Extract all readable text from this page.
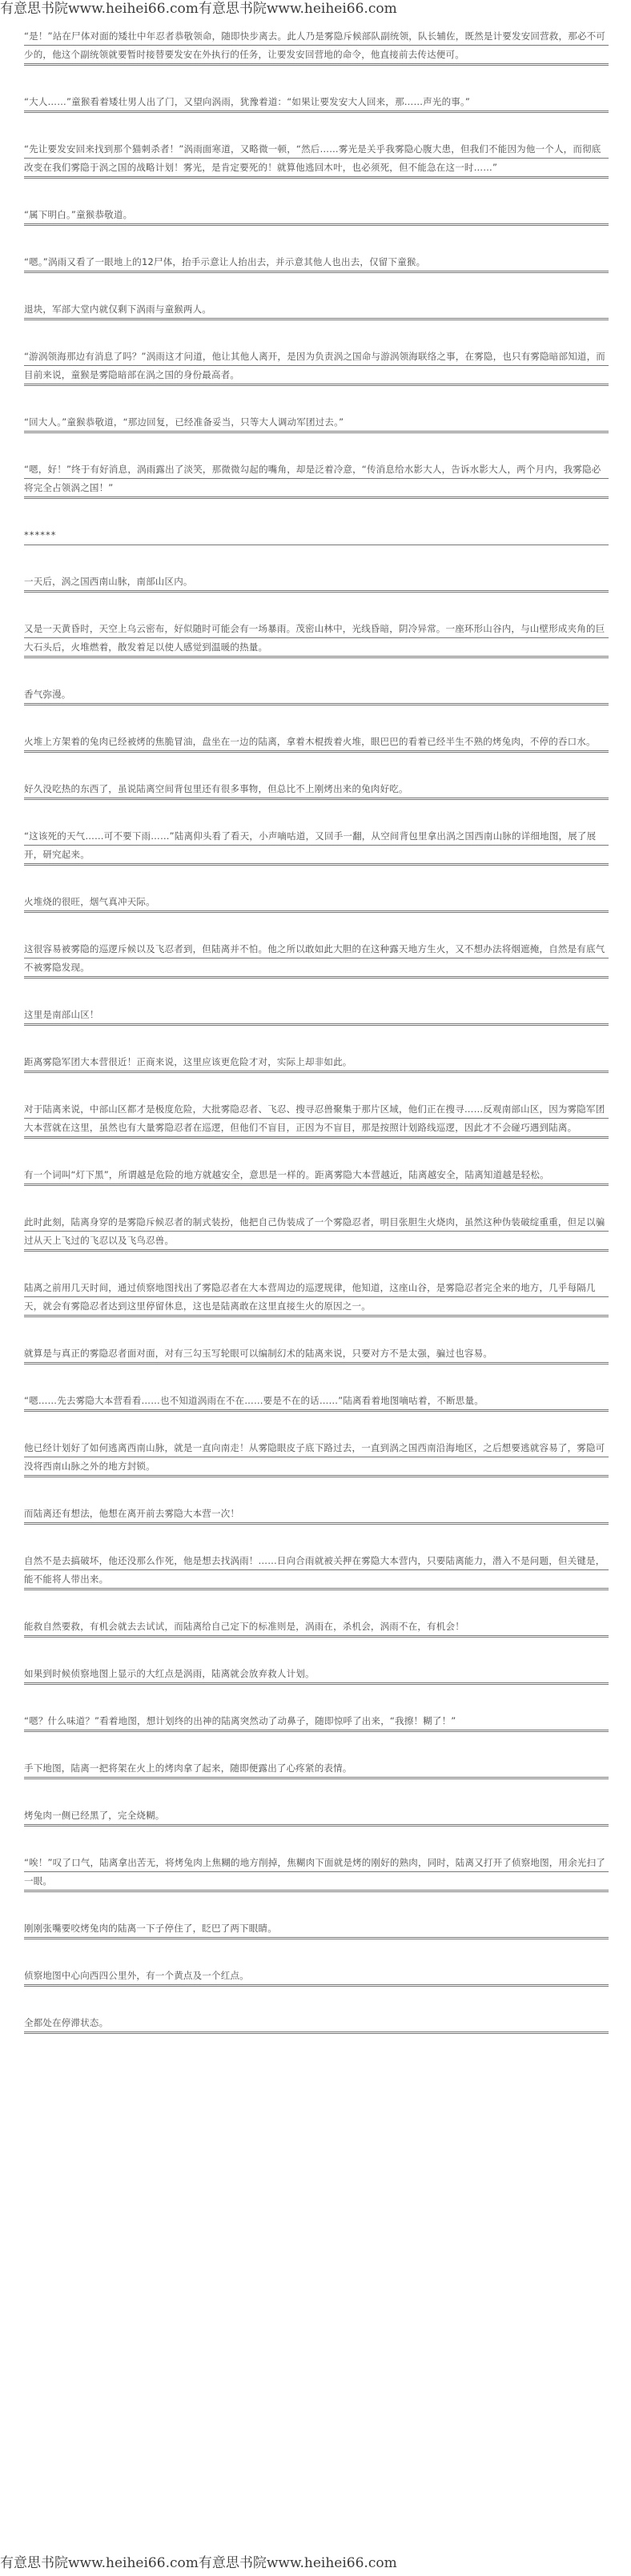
有意思书院www.heihei66.com有意思书院www.heihei66.com

“是！”站在尸体对面的矮壮中年忍者恭敬领命，随即快步离去。此人乃是雾隐斥候部队副统领，队长辅佐，既然是计要发安回营救，那必不可少的，他这个副统领就要暂时接替要发安在外执行的任务，让要发安回营地的命令，他直接前去传达便可。

“大人……”童猴看着矮壮男人出了门，又望向涡雨，犹豫着道：“如果让要发安大人回来，那……声光的事。”

“先让要发安回来找到那个猫刺杀者！”涡雨面寒道，又略微一顿，“然后……雾光是关乎我雾隐心腹大患，但我们不能因为他一个人，而彻底改变在我们雾隐于涡之国的战略计划！雾光，是肯定要死的！就算他逃回木叶，也必须死，但不能急在这一时……”

“属下明白。”童猴恭敬道。

“嗯。”涡雨又看了一眼地上的12尸体，抬手示意让人抬出去，并示意其他人也出去，仅留下童猴。

退块，军部大堂内就仅剩下涡雨与童猴两人。

“游涡领海那边有消息了吗？”涡雨这才问道，他让其他人离开，是因为负责涡之国命与游涡领海联络之事，在雾隐，也只有雾隐暗部知道，而目前来说，童猴是雾隐暗部在涡之国的身份最高者。

“回大人。”童猴恭敬道，“那边回复，已经准备妥当，只等大人调动军团过去。”

“嗯，好！”终于有好消息，涡雨露出了淡笑，那微微勾起的嘴角，却是泛着冷意，“传消息给水影大人，告诉水影大人，两个月内，我雾隐必将完全占领涡之国！”

******

一天后，涡之国西南山脉，南部山区内。

又是一天黄昏时，天空上乌云密布，好似随时可能会有一场暴雨。茂密山林中，光线昏暗，阴冷异常。一座环形山谷内，与山壁形成夹角的巨大石头后，火堆燃着，散发着足以使人感觉到温暖的热量。

香气弥漫。

火堆上方架着的兔肉已经被烤的焦脆冒油，盘坐在一边的陆离，拿着木棍拨着火堆，眼巴巴的看着已经半生不熟的烤兔肉，不停的吞口水。

好久没吃热的东西了，虽说陆离空间背包里还有很多事物，但总比不上刚烤出来的兔肉好吃。

“这该死的天气……可不要下雨……”陆离仰头看了看天，小声嘀咕道，又回手一翻，从空间背包里拿出涡之国西南山脉的详细地图，展了展开，研究起来。

火堆烧的很旺，烟气真冲天际。

这很容易被雾隐的巡逻斥候以及飞忍者到，但陆离并不怕。他之所以敢如此大胆的在这种露天地方生火，又不想办法将烟遮掩，自然是有底气不被雾隐发现。

这里是南部山区！

距离雾隐军团大本营很近！正商来说，这里应该更危险才对，实际上却非如此。

对于陆离来说，中部山区都才是极度危险，大批雾隐忍者、飞忍、搜寻忍兽聚集于那片区域，他们正在搜寻……反观南部山区，因为雾隐军团大本营就在这里，虽然也有大量雾隐忍者在巡逻，但他们不盲目，正因为不盲目，那是按照计划路线巡逻，因此才不会碰巧遇到陆离。

有一个词叫“灯下黑”，所谓越是危险的地方就越安全，意思是一样的。距离雾隐大本营越近，陆离越安全，陆离知道越是轻松。

此时此刻，陆离身穿的是雾隐斥候忍者的制式装扮，他把自己伪装成了一个雾隐忍者，明目张胆生火烧肉，虽然这种伪装破绽重重，但足以骗过从天上飞过的飞忍以及飞鸟忍兽。

陆离之前用几天时间，通过侦察地图找出了雾隐忍者在大本营周边的巡逻规律，他知道，这座山谷，是雾隐忍者完全来的地方，几乎每隔几天，就会有雾隐忍者达到这里停留休息，这也是陆离敢在这里直接生火的原因之一。

就算是与真正的雾隐忍者面对面，对有三勾玉写轮眼可以编制幻术的陆离来说，只要对方不是太强，骗过也容易。

“嗯……先去雾隐大本营看看……也不知道涡雨在不在……要是不在的话……”陆离看着地图嘀咕着，不断思量。

他已经计划好了如何逃离西南山脉，就是一直向南走！从雾隐眼皮子底下路过去，一直到涡之国西南沿海地区，之后想要逃就容易了，雾隐可没将西南山脉之外的地方封锁。

而陆离还有想法，他想在离开前去雾隐大本营一次！

自然不是去搞破坏，他还没那么作死，他是想去找涡雨！……日向合雨就被关押在雾隐大本营内，只要陆离能力，潜入不是问题，但关键是，能不能将人带出来。

能救自然要救，有机会就去去试试，而陆离给自己定下的标准则是，涡雨在，杀机会，涡雨不在，有机会！

如果到时候侦察地图上显示的大红点是涡雨，陆离就会放弃救人计划。

“嗯？什么味道？”看着地图，想计划终的出神的陆离突然动了动鼻子，随即惊呼了出来，“我擦！糊了！”

手下地图，陆离一把将架在火上的烤肉拿了起来，随即便露出了心疼紧的表情。

烤兔肉一侧已经黑了，完全烧糊。

“唉！”叹了口气，陆离拿出苦无，将烤兔肉上焦糊的地方削掉，焦糊肉下面就是烤的刚好的熟肉，同时，陆离又打开了侦察地图，用余光扫了一眼。

刚刚张嘴要咬烤兔肉的陆离一下子停住了，眨巴了两下眼睛。

侦察地图中心向西四公里外，有一个黄点及一个红点。

全都处在停滞状态。

有意思书院www.heihei66.com有意思书院www.heihei66.com
